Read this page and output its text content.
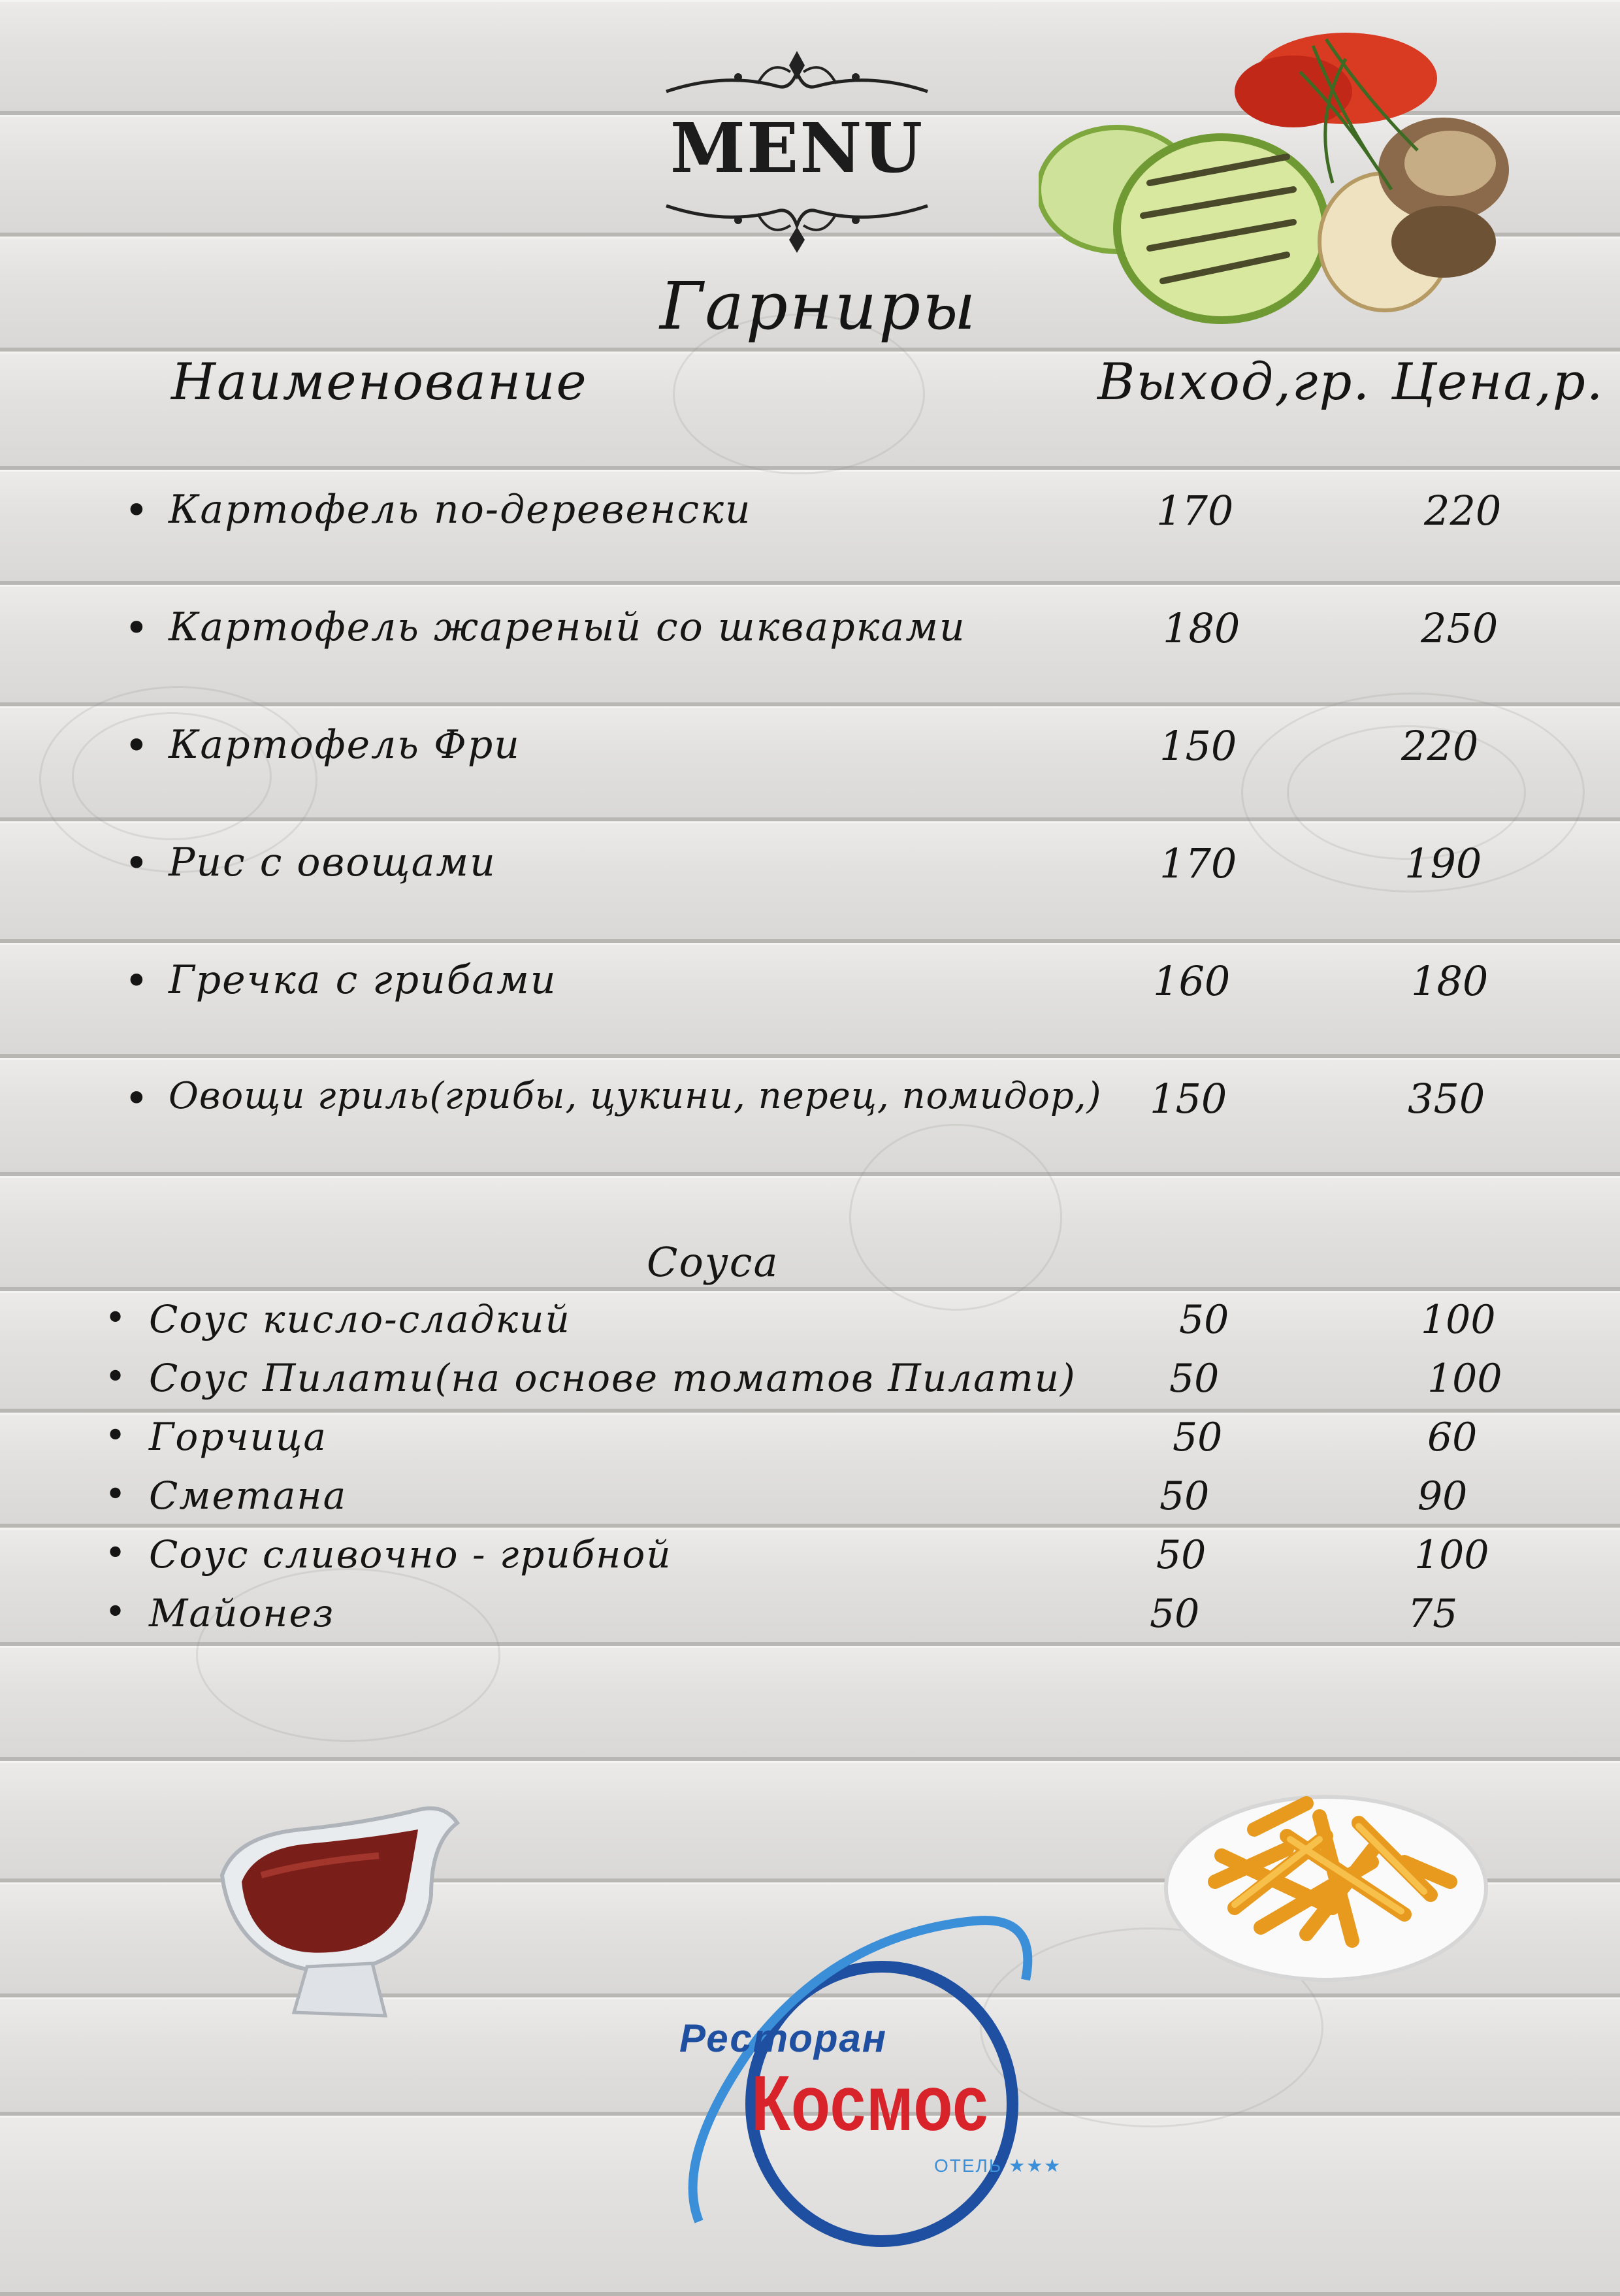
MENU
Гарниры
Наименование	Выход,гр. Цена,р.
• Картофель по-деревенски	170	220
• Картофель жареный со шкварками	180	250
• Картофель Фри	150	220
• Рис с овощами	170	190
• Гречка с грибами	160	180
• Овощи гриль(грибы, цукини, перец, помидор,) 150	350
Соуса
• Соус кисло-сладкий	50	100
• Соус Пилати(на основе томатов Пилати) 50	100
• Горчица	50	60
• Сметана	50	90
• Соус сливочно - грибной	50	100
• Майонез	50	75
Ресторан
Космос
ОТЕЛЬ ★★★
